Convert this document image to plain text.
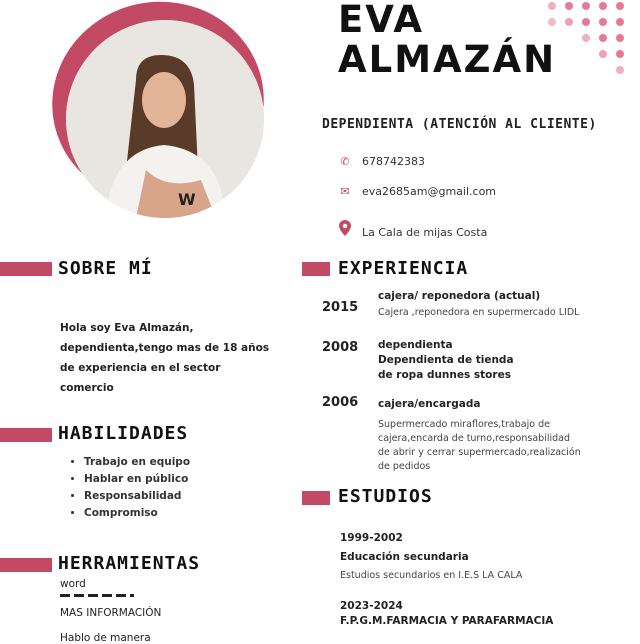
W
EVA
ALMAZÁN
DEPENDIENTA (ATENCIÓN AL CLIENTE)
✆ 678742383
✉ eva2685am@gmail.com
La Cala de mijas Costa
SOBRE MÍ
Hola soy Eva Almazán, dependienta,tengo mas de 18 años de experiencia en el sector comercio
HABILIDADES
• Trabajo en equipo
• Hablar en público
• Responsabilidad
• Compromiso
HERRAMIENTAS
word
MAS INFORMACIÓN
Hablo de manera
EXPERIENCIA
2015
cajera/ reponedora (actual)
Cajera ,reponedora en supermercado LIDL
2008 dependienta
Dependienta de tienda de ropa dunnes stores
2006 cajera/encargada
Supermercado miraflores,trabajo de cajera,encarda de turno,responsabilidad de abrir y cerrar supermercado,realización de pedidos
ESTUDIOS
1999-2002
Educación secundaria
Estudios secundarios en I.E.S LA CALA
2023-2024
F.P.G.M.FARMACIA Y PARAFARMACIA
